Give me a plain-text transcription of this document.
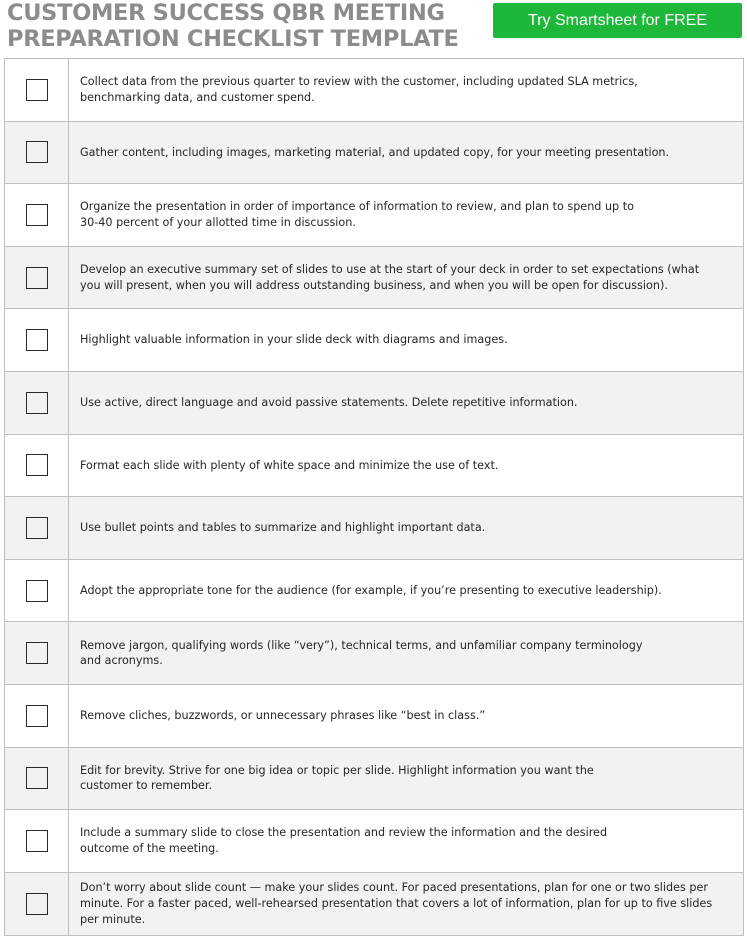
CUSTOMER SUCCESS QBR MEETING
PREPARATION CHECKLIST TEMPLATE
Try Smartsheet for FREE
Collect data from the previous quarter to review with the customer, including updated SLA metrics,
benchmarking data, and customer spend.
Gather content, including images, marketing material, and updated copy, for your meeting presentation.
Organize the presentation in order of importance of information to review, and plan to spend up to
30-40 percent of your allotted time in discussion.
Develop an executive summary set of slides to use at the start of your deck in order to set expectations (what
you will present, when you will address outstanding business, and when you will be open for discussion).
Highlight valuable information in your slide deck with diagrams and images.
Use active, direct language and avoid passive statements. Delete repetitive information.
Format each slide with plenty of white space and minimize the use of text.
Use bullet points and tables to summarize and highlight important data.
Adopt the appropriate tone for the audience (for example, if you’re presenting to executive leadership).
Remove jargon, qualifying words (like “very”), technical terms, and unfamiliar company terminology
and acronyms.
Remove cliches, buzzwords, or unnecessary phrases like “best in class.”
Edit for brevity. Strive for one big idea or topic per slide. Highlight information you want the
customer to remember.
Include a summary slide to close the presentation and review the information and the desired
outcome of the meeting.
Don’t worry about slide count — make your slides count. For paced presentations, plan for one or two slides per
minute. For a faster paced, well-rehearsed presentation that covers a lot of information, plan for up to five slides
per minute.
